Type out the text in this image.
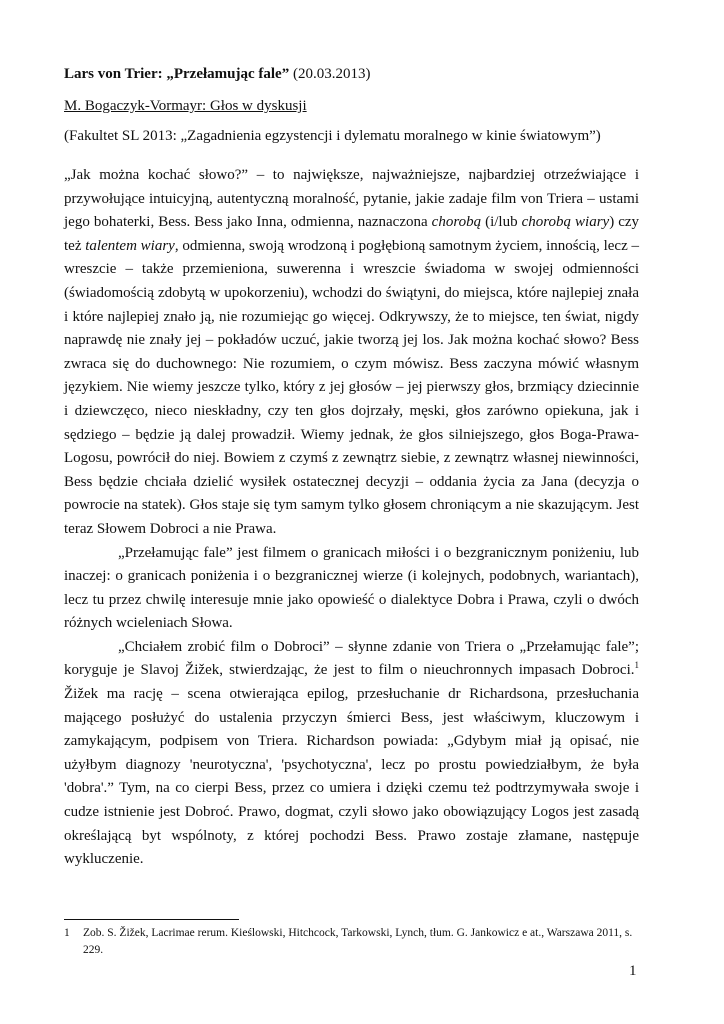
Lars von Trier: „Przełamując fale” (20.03.2013)

M. Bogaczyk-Vormayr: Głos w dyskusji

(Fakultet SL 2013: „Zagadnienia egzystencji i dylematu moralnego w kinie światowym”)

„Jak można kochać słowo?” – to największe, najważniejsze, najbardziej otrzeźwiające i przywołujące intuicyjną, autentyczną moralność, pytanie, jakie zadaje film von Triera – ustami jego bohaterki, Bess. Bess jako Inna, odmienna, naznaczona chorobą (i/lub chorobą wiary) czy też talentem wiary, odmienna, swoją wrodzoną i pogłębioną samotnym życiem, innością, lecz – wreszcie – także przemieniona, suwerenna i wreszcie świadoma w swojej odmienności (świadomością zdobytą w upokorzeniu), wchodzi do świątyni, do miejsca, które najlepiej znała i które najlepiej znało ją, nie rozumiejąc go więcej. Odkrywszy, że to miejsce, ten świat, nigdy naprawdę nie znały jej – pokładów uczuć, jakie tworzą jej los. Jak można kochać słowo? Bess zwraca się do duchownego: Nie rozumiem, o czym mówisz. Bess zaczyna mówić własnym językiem. Nie wiemy jeszcze tylko, który z jej głosów – jej pierwszy głos, brzmiący dziecinnie i dziewczęco, nieco nieskładny, czy ten głos dojrzały, męski, głos zarówno opiekuna, jak i sędziego – będzie ją dalej prowadził. Wiemy jednak, że głos silniejszego, głos Boga-Prawa-Logosu, powrócił do niej. Bowiem z czymś z zewnątrz siebie, z zewnątrz własnej niewinności, Bess będzie chciała dzielić wysiłek ostatecznej decyzji – oddania życia za Jana (decyzja o powrocie na statek). Głos staje się tym samym tylko głosem chroniącym a nie skazującym. Jest teraz Słowem Dobroci a nie Prawa.

„Przełamując fale” jest filmem o granicach miłości i o bezgranicznym poniżeniu, lub inaczej: o granicach poniżenia i o bezgranicznej wierze (i kolejnych, podobnych, wariantach), lecz tu przez chwilę interesuje mnie jako opowieść o dialektyce Dobra i Prawa, czyli o dwóch różnych wcieleniach Słowa.

„Chciałem zrobić film o Dobroci” – słynne zdanie von Triera o „Przełamując fale”; koryguje je Slavoj Žižek, stwierdzając, że jest to film o nieuchronnych impasach Dobroci.$^1$ Žižek ma rację – scena otwierająca epilog, przesłuchanie dr Richardsona, przesłuchania mającego posłużyć do ustalenia przyczyn śmierci Bess, jest właściwym, kluczowym i zamykającym, podpisem von Triera. Richardson powiada: „Gdybym miał ją opisać, nie użyłbym diagnozy 'neurotyczna', 'psychotyczna', lecz po prostu powiedziałbym, że była 'dobra'.” Tym, na co cierpi Bess, przez co umiera i dzięki czemu też podtrzymywała swoje i cudze istnienie jest Dobroć. Prawo, dogmat, czyli słowo jako obowiązujący Logos jest zasadą określającą byt wspólnoty, z której pochodzi Bess. Prawo zostaje złamane, następuje wykluczenie.

1	Zob. S. Žižek, Lacrimae rerum. Kieślowski, Hitchcock, Tarkowski, Lynch, tłum. G. Jankowicz e at., Warszawa 2011, s. 229.
1
